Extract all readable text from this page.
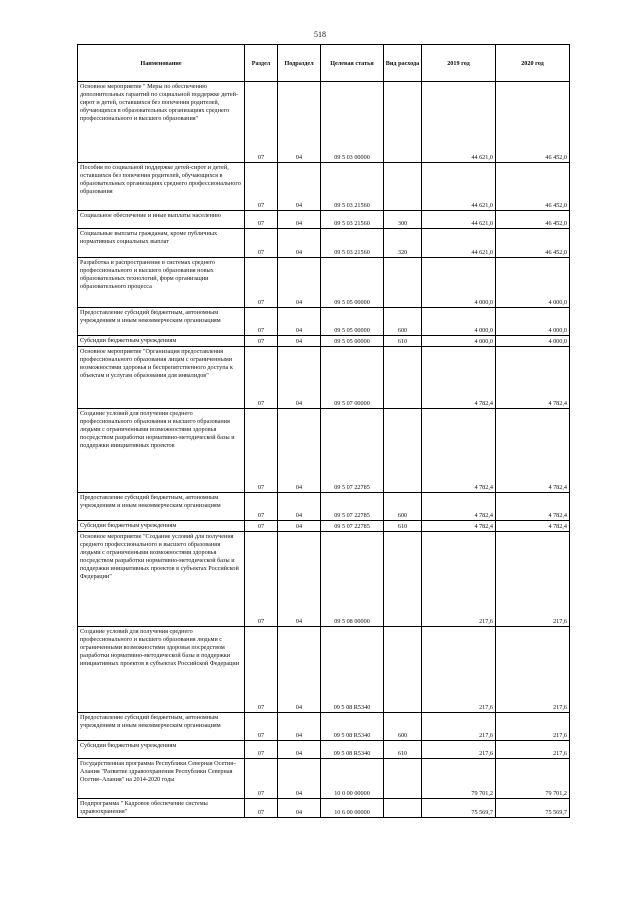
518
Наименование	Раздел	Подраздел	Целевая статья	Вид расхода	2019 год	2020 год
Основное мероприятие " Меры по обеспечению дополнительных гарантий по социальной поддержке детей-сирот и детей, оставшихся без попечения родителей, обучающихся в образовательных организациях среднего профессионального и высшего образования"	07	04	09 5 03 00000		44 621,0	46 452,0
Пособия по социальной поддержке детей-сирот и детей, оставшихся без попечения родителей, обучающихся в образовательных организациях среднего профессионального образования	07	04	09 5 03 21560		44 621,0	46 452,0
Социальное обеспечение и иные выплаты населению	07	04	09 5 03 21560	300	44 621,0	46 452,0
Социальные выплаты гражданам, кроме публичных нормативных социальных выплат	07	04	09 5 03 21560	320	44 621,0	46 452,0
Разработка и распространение в системах среднего профессионального и высшего образования новых образовательных технологий, форм организации образовательного процесса	07	04	09 5 05 00000		4 000,0	4 000,0
Предоставление субсидий бюджетным, автономным учреждениям и иным некоммерческим организациям	07	04	09 5 05 00000	600	4 000,0	4 000,0
Субсидии бюджетным учреждениям	07	04	09 5 05 00000	610	4 000,0	4 000,0
Основное мероприятие "Организация предоставления профессионального образования лицам с ограниченными возможностями здоровья и беспрепятственного доступа к объектам и услугам образования для инвалидов"	07	04	09 5 07 00000		4 782,4	4 782,4
Создание условий для получения среднего профессионального образования и высшего образования людьми с ограниченными возможностями здоровья посредством разработки нормативно-методической базы и поддержки инициативных проектов	07	04	09 5 07 22785		4 782,4	4 782,4
Предоставление субсидий бюджетным, автономным учреждениям и иным некоммерческим организациям	07	04	09 5 07 22785	600	4 782,4	4 782,4
Субсидии бюджетным учреждениям	07	04	09 5 07 22785	610	4 782,4	4 782,4
Основное мероприятие "Создание условий для получения среднего профессионального и высшего образования людьми с ограниченными возможностями здоровья посредством разработки нормативно-методической базы и поддержки инициативных проектов в субъектах Российской Федерации"	07	04	09 5 08 00000		217,6	217,6
Создание условий для получения среднего профессионального и высшего образования людьми с ограниченными возможностями здоровья посредством разработки нормативно-методической базы и поддержки инициативных проектов в субъектах Российской Федерации	07	04	09 5 08 R5340		217,6	217,6
Предоставление субсидий бюджетным, автономным учреждениям и иным некоммерческим организациям	07	04	09 5 08 R5340	600	217,6	217,6
Субсидии бюджетным учреждениям	07	04	09 5 08 R5340	610	217,6	217,6
Государственная программа Республики Северная Осетия–Алания "Развитие здравоохранения Республики Северная Осетия–Алания" на 2014-2020 годы	07	04	10 0 00 00000		79 701,2	79 701,2
Подпрограмма " Кадровое обеспечение системы здравоохранения"	07	04	10 6 00 00000		75 569,7	75 569,7
